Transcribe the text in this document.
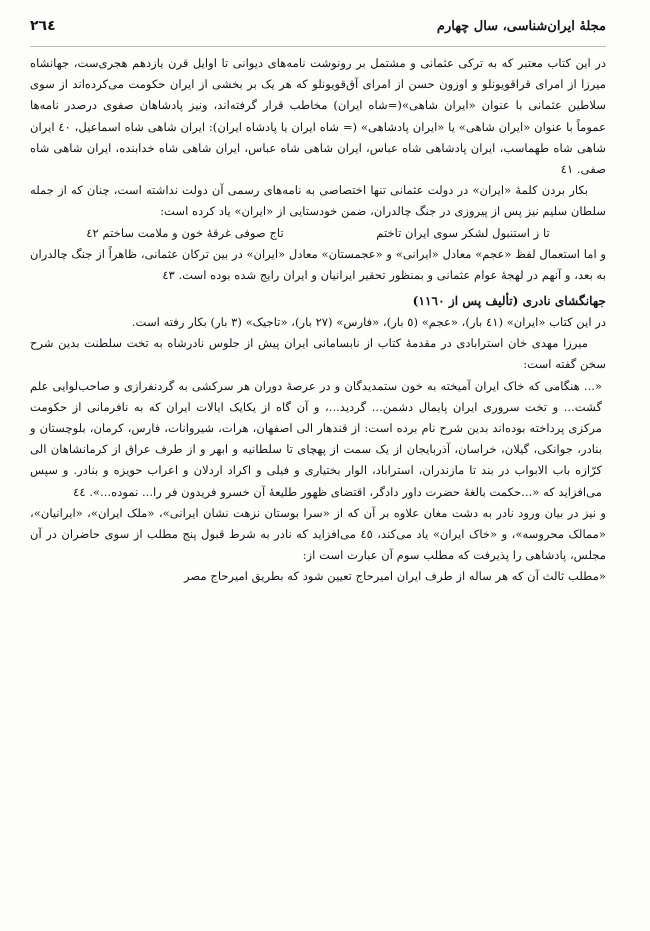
مجلۀ ایران‌شناسی، سال چهارم
٢٦٤

در این کتاب معتبر که به ترکی عثمانی و مشتمل بر رونوشت نامه‌های دیوانی تا اوایل قرن یازدهم هجری‌ست، جهانشاه میرزا از امرای قراقویونلو و اوزون حسن از امرای آق‌قویونلو که هر یک بر بخشی از ایران حکومت می‌کرده‌اند از سوی سلاطین عثمانی با عنوان «ایران شاهی»(=شاه ایران) مخاطب قرار گرفته‌اند، ونیز پادشاهان صفوی درصدر نامه‌ها عموماً با عنوان «ایران شاهی» یا «ایران پادشاهی» (= شاه ایران یا پادشاه ایران): ایران شاهی شاه اسماعیل، ٤٠ ایران شاهی شاه طهماسب، ایران پادشاهی شاه عباس، ایران شاهی شاه عباس، ایران شاهی شاه خدابنده، ایران شاهی شاه صفی. ٤١

بکار بردن کلمۀ «ایران» در دولت عثمانی تنها اختصاصی به نامه‌های رسمی آن دولت نداشته است، چنان که از جمله سلطان سلیم نیز پس از پیروزی در جنگ چالدران، ضمن خودستایی از «ایران» یاد کرده است:

تا ز استنبول لشکر سوی ایران تاختم
تاج صوفی غرقۀ خون و ملامت ساختم ٤٢

و اما استعمال لفظ «عجم» معادل «ایرانی» و «عجمستان» معادل «ایران» در بین ترکان عثمانی، ظاهراً از جنگ چالدران به بعد، و آنهم در لهجۀ عوام عثمانی و بمنظور تحقیر ایرانیان و ایران رایج شده بوده است. ٤٣

جهانگشای نادری (تألیف پس از ١١٦٠)

در این کتاب «ایران» (٤١ بار)، «عجم» (٥ بار)، «فارس» (٢٧ بار)، «تاجیک» (٣ بار) بکار رفته است.

میرزا مهدی خان استرابادی در مقدمۀ کتاب از نابسامانی ایران پیش از جلوس نادرشاه به تخت سلطنت بدین شرح سخن گفته است:

«... هنگامی که خاک ایران آمیخته به خون ستمدیدگان و در عرصۀ دوران هر سرکشی به گردنفرازی و صاحب‌لوایی علم گشت... و تخت سروری ایران پایمال دشمن... گردید...، و آن گاه از یکایک ایالات ایران که به نافرمانی از حکومت مرکزی پرداخته بوده‌اند بدین شرح نام برده است: از قندهار الی اصفهان، هرات، شیروانات، فارس، کرمان، بلوچستان و بنادر، جوانکی، گیلان، خراسان، آذربایجان از یک سمت از پهچای تا سلطانیه و ابهر و از طرف عراق از کرمانشاهان الی کرّازه باب الابواب در بند تا مازندران، استراباد، الوار بختیاری و فیلی و اکراد اردلان و اعراب حویزه و بنادر. و سپس می‌افزاید که «...حکمت بالغۀ حضرت داور دادگر، اقتضای ظهور طلیعۀ آن خسرو فریدون فر را... نموده...». ٤٤

و نیز در بیان ورود نادر به دشت مغان علاوه بر آن که از «سرا بوستان نزهت نشان ایرانی»، «ملک ایران»، «ایرانیان»، «ممالک محروسه»، و «خاک ایران» یاد می‌کند، ٤٥ می‌افزاید که نادر به شرط قبول پنج مطلب از سوی حاضران در آن مجلس، پادشاهی را پذیرفت که مطلب سوم آن عبارت است از:

«مطلب ثالث آن که هر ساله از طرف ایران امیرحاج تعیین شود که بطریق امیرحاج مصر
